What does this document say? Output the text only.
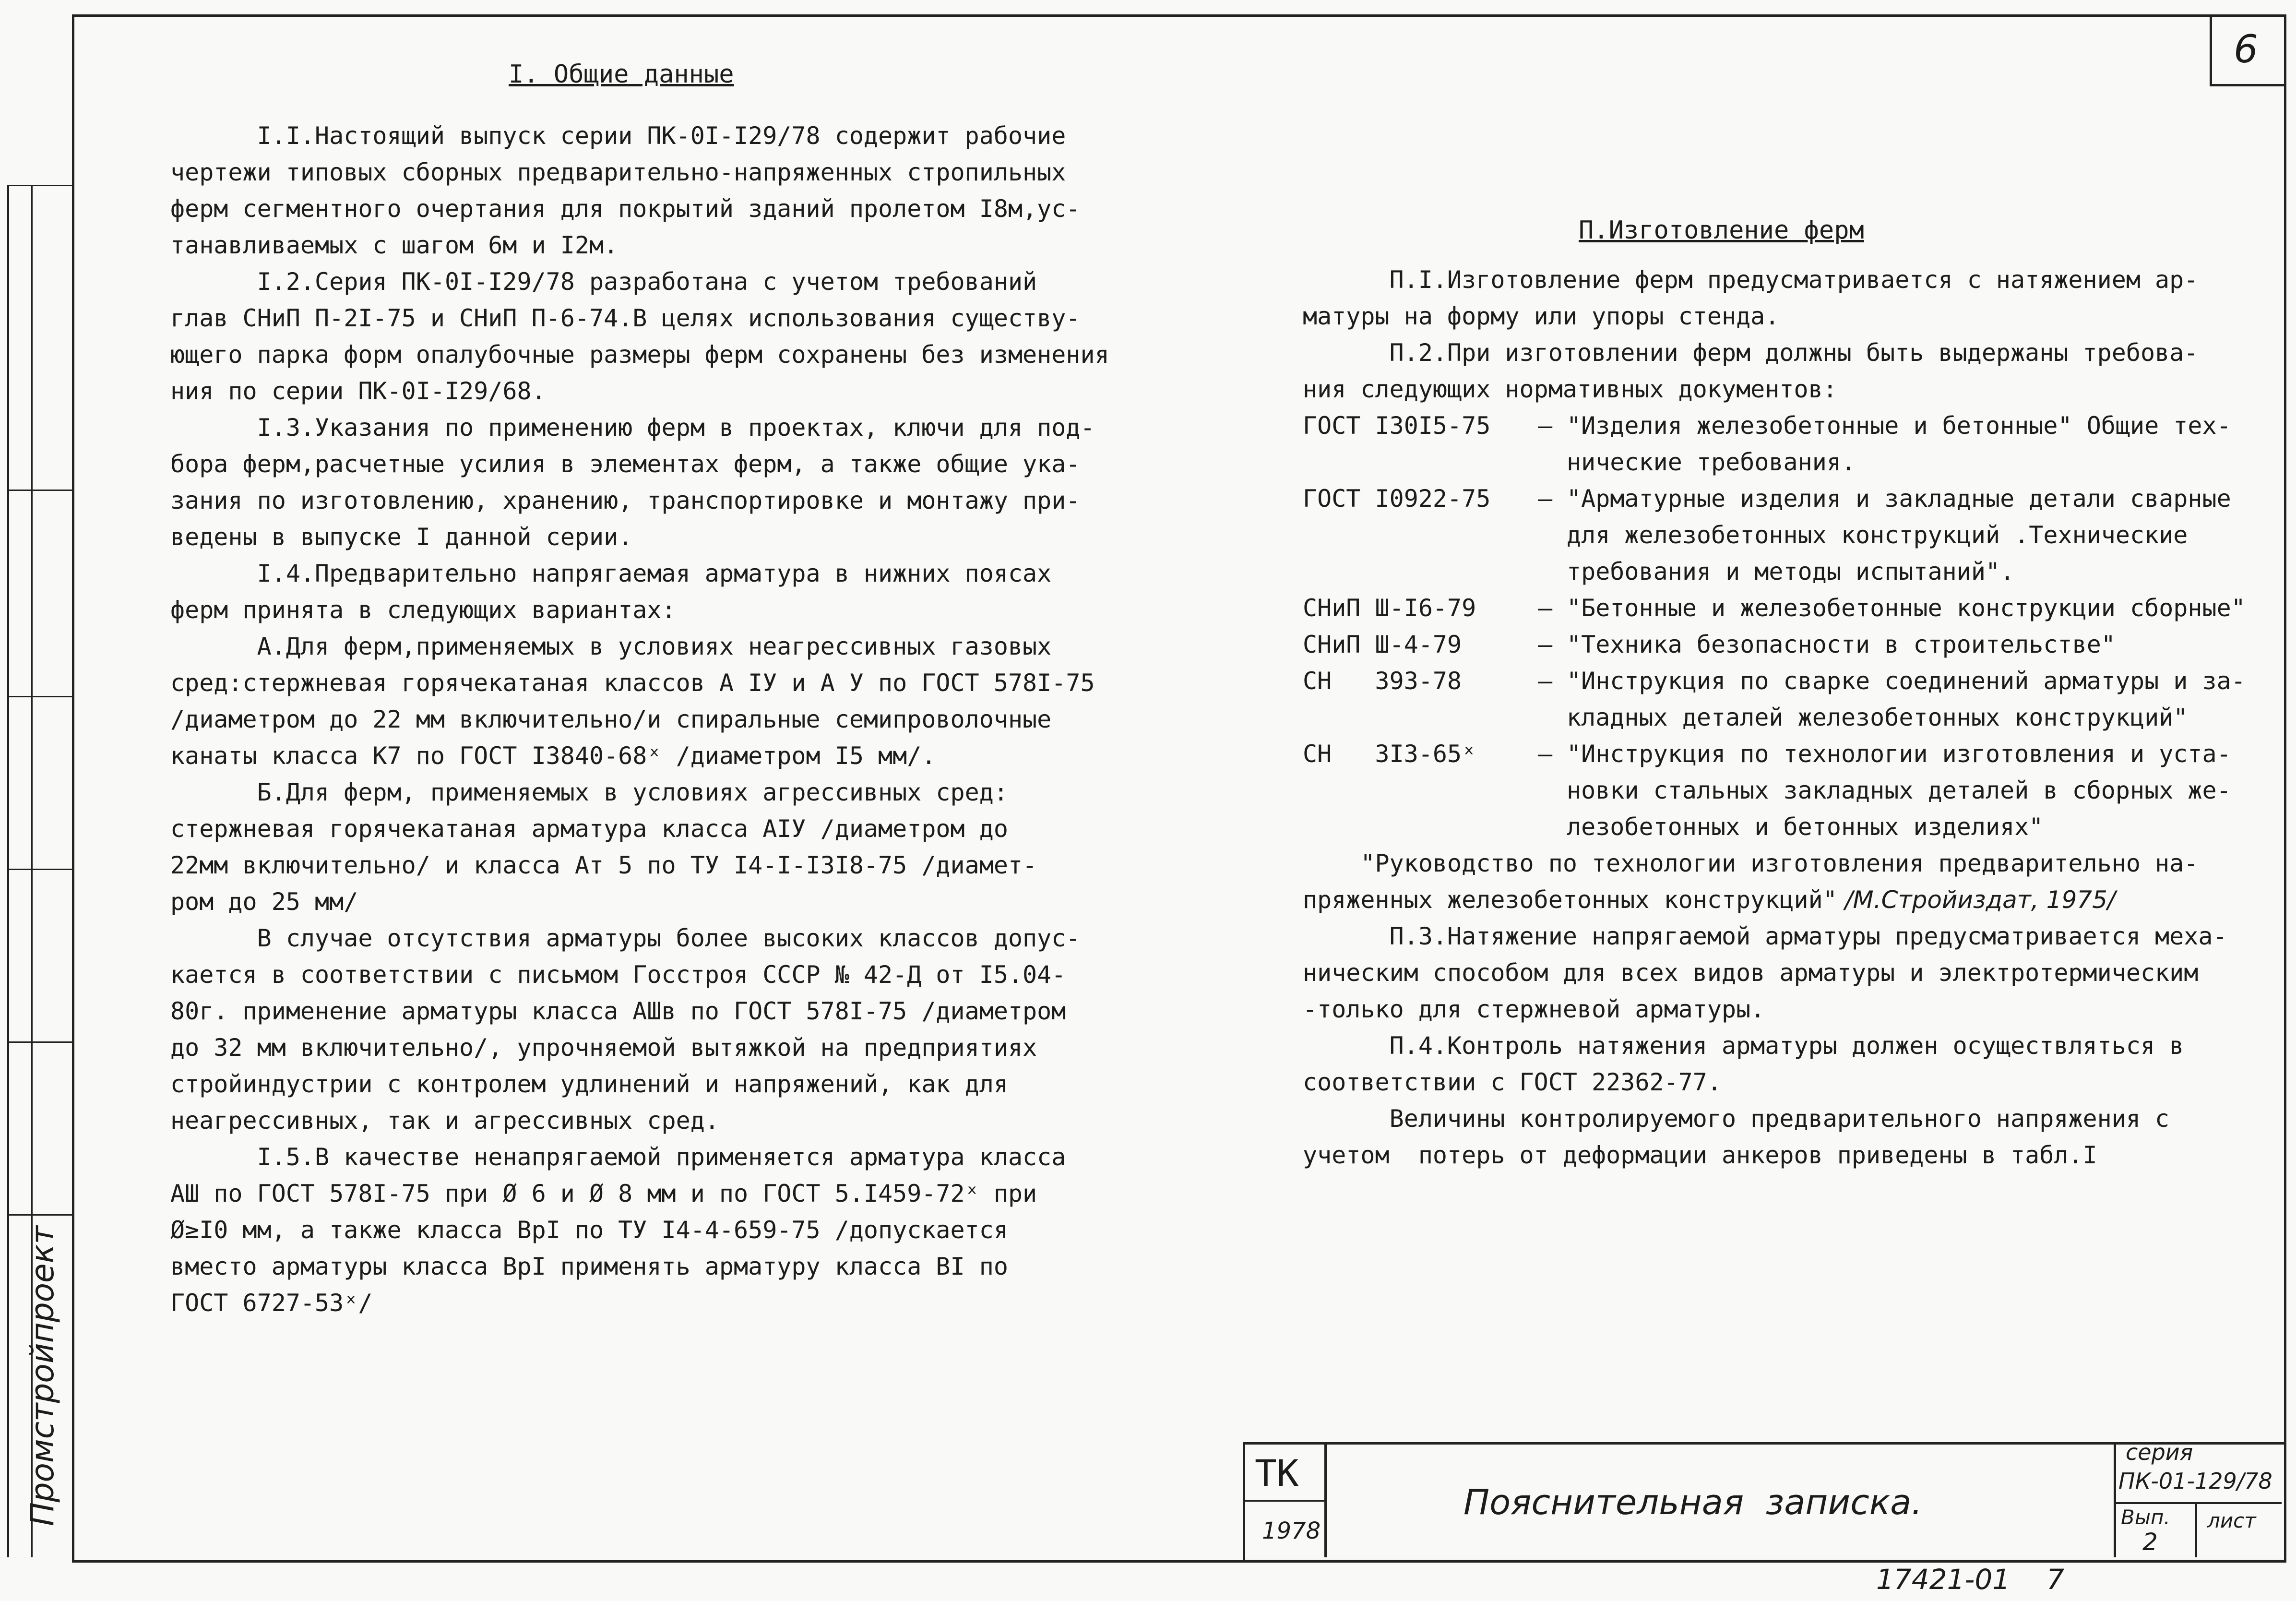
Промстройпроект
6
I. Общие данные

I.I.Настоящий выпуск серии ПК-0I-I29/78 содержит рабочие

чертежи типовых сборных предварительно-напряженных стропильных

ферм сегментного очертания для покрытий зданий пролетом I8м,ус-

танавливаемых с шагом 6м и I2м.

I.2.Серия ПК-0I-I29/78 разработана с учетом требований

глав СНиП П-2I-75 и СНиП П-6-74.В целях использования существу-

ющего парка форм опалубочные размеры ферм сохранены без изменения

ния по серии ПК-0I-I29/68.

I.3.Указания по применению ферм в проектах, ключи для под-

бора ферм,расчетные усилия в элементах ферм, а также общие ука-

зания по изготовлению, хранению, транспортировке и монтажу при-

ведены в выпуске I данной серии.

I.4.Предварительно напрягаемая арматура в нижних поясах

ферм принята в следующих вариантах:

А.Для ферм,применяемых в условиях неагрессивных газовых

сред:стержневая горячекатаная классов А IУ и А У по ГОСТ 578I-75

/диаметром до 22 мм включительно/и спиральные семипроволочные

канаты класса К7 по ГОСТ I3840-68ˣ /диаметром I5 мм/.

Б.Для ферм, применяемых в условиях агрессивных сред:

стержневая горячекатаная арматура класса АIУ /диаметром до

22мм включительно/ и класса Ат 5 по ТУ I4-I-I3I8-75 /диамет-

ром до 25 мм/

В случае отсутствия арматуры более высоких классов допус-

кается в соответствии с письмом Госстроя СССР № 42-Д от I5.04-

80г. применение арматуры класса АШв по ГОСТ 578I-75 /диаметром

до 32 мм включительно/, упрочняемой вытяжкой на предприятиях

стройиндустрии с контролем удлинений и напряжений, как для

неагрессивных, так и агрессивных сред.

I.5.В качестве ненапрягаемой применяется арматура класса

АШ по ГОСТ 578I-75 при Ø 6 и Ø 8 мм и по ГОСТ 5.I459-72ˣ при

Ø≥I0 мм, а также класса ВрI по ТУ I4-4-659-75 /допускается

вместо арматуры класса ВрI применять арматуру класса ВI по

ГОСТ 6727-53ˣ/

П.Изготовление ферм

П.I.Изготовление ферм предусматривается с натяжением ар-

матуры на форму или упоры стенда.

П.2.При изготовлении ферм должны быть выдержаны требова-

ния следующих нормативных документов:

ГОСТ I30I5-75	– "Изделия железобетонные и бетонные" Общие тех-

нические требования.

ГОСТ I0922-75	– "Арматурные изделия и закладные детали сварные

для железобетонных конструкций .Технические

требования и методы испытаний".

СНиП Ш-I6-79	– "Бетонные и железобетонные конструкции сборные"

СНиП Ш-4-79	– "Техника безопасности в строительстве"

СН   393-78	– "Инструкция по сварке соединений арматуры и за-

кладных деталей железобетонных конструкций"

СН   3I3-65ˣ	– "Инструкция по технологии изготовления и уста-

новки стальных закладных деталей в сборных же-

лезобетонных и бетонных изделиях"

"Руководство по технологии изготовления предварительно на-

пряженных железобетонных конструкций" /М.Стройиздат, 1975/

П.3.Натяжение напрягаемой арматуры предусматривается меха-

ническим способом для всех видов арматуры и электротермическим

-только для стержневой арматуры.

П.4.Контроль натяжения арматуры должен осуществляться в

соответствии с ГОСТ 22362-77.

Величины контролируемого предварительного напряжения с

учетом  потерь от деформации анкеров приведены в табл.I

ТК
1978
Пояснительная  записка.
серия
ПК-01-129/78
Вып.
2
лист
17421-01 7
